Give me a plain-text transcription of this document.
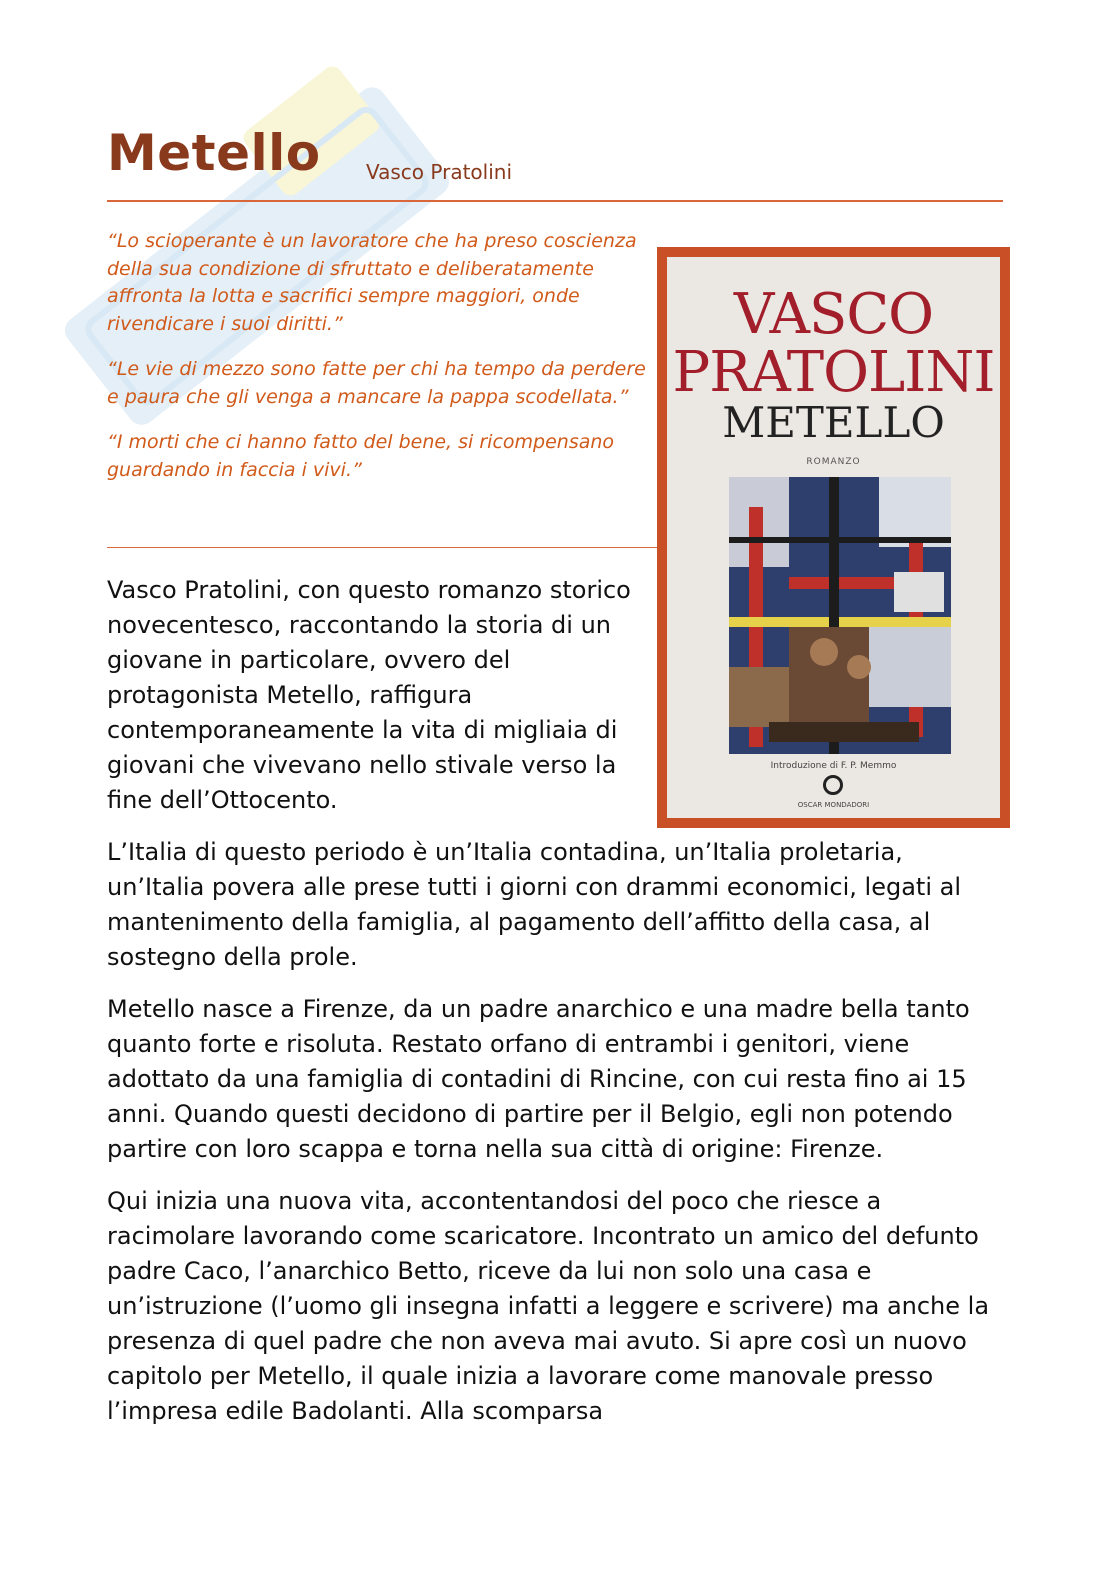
Metello Vasco Pratolini

“Lo scioperante è un lavoratore che ha preso coscienza della sua condizione di sfruttato e deliberatamente affronta la lotta e sacrifici sempre maggiori, onde rivendicare i suoi diritti.”

“Le vie di mezzo sono fatte per chi ha tempo da perdere e paura che gli venga a mancare la pappa scodellata.”

“I morti che ci hanno fatto del bene, si ricompensano guardando in faccia i vivi.”

VASCO
PRATOLINI
METELLO
ROMANZO
Introduzione di F. P. Memmo
OSCAR MONDADORI

Vasco Pratolini, con questo romanzo storico novecentesco, raccontando la storia di un giovane in particolare, ovvero del protagonista Metello, raffigura contemporaneamente la vita di migliaia di giovani che vivevano nello stivale verso la fine dell’Ottocento.

L’Italia di questo periodo è un’Italia contadina, un’Italia proletaria, un’Italia povera alle prese tutti i giorni con drammi economici, legati al mantenimento della famiglia, al pagamento dell’affitto della casa, al sostegno della prole.

Metello nasce a Firenze, da un padre anarchico e una madre bella tanto quanto forte e risoluta. Restato orfano di entrambi i genitori, viene adottato da una famiglia di contadini di Rincine, con cui resta fino ai 15 anni. Quando questi decidono di partire per il Belgio, egli non potendo partire con loro scappa e torna nella sua città di origine: Firenze.

Qui inizia una nuova vita, accontentandosi del poco che riesce a racimolare lavorando come scaricatore. Incontrato un amico del defunto padre Caco, l’anarchico Betto, riceve da lui non solo una casa e un’istruzione (l’uomo gli insegna infatti a leggere e scrivere) ma anche la presenza di quel padre che non aveva mai avuto. Si apre così un nuovo capitolo per Metello, il quale inizia a lavorare come manovale presso l’impresa edile Badolanti. Alla scomparsa
